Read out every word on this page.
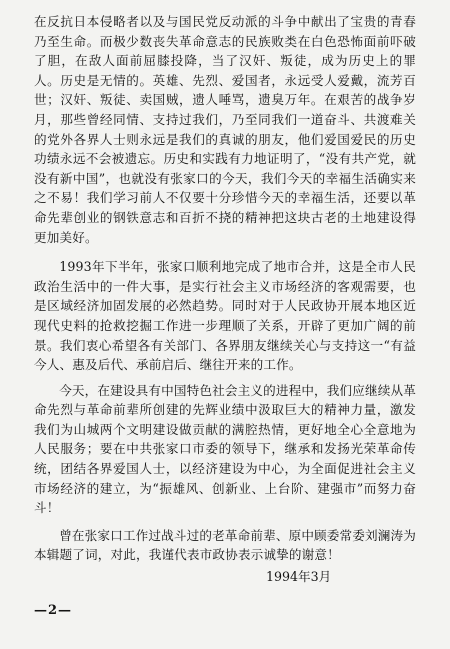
在反抗日本侵略者以及与国民党反动派的斗争中献出了宝贵的青春乃至生命。而极少数丧失革命意志的民族败类在白色恐怖面前吓破了胆，在敌人面前屈膝投降，当了汉奸、叛徒，成为历史上的罪人。历史是无情的。英雄、先烈、爱国者，永远受人爱戴，流芳百世；汉奸、叛徒、卖国贼，遗人唾骂，遗臭万年。在艰苦的战争岁月，那些曾经同情、支持过我们，乃至同我们一道奋斗、共渡难关的党外各界人士则永远是我们的真诚的朋友，他们爱国爱民的历史功绩永远不会被遗忘。历史和实践有力地证明了，“没有共产党，就没有新中国”，也就没有张家口的今天，我们今天的幸福生活确实来之不易！我们学习前人不仅要十分珍惜今天的幸福生活，还要以革命先辈创业的钢铁意志和百折不挠的精神把这块古老的土地建设得更加美好。

1993年下半年，张家口顺利地完成了地市合并，这是全市人民政治生活中的一件大事，是实行社会主义市场经济的客观需要，也是区域经济加固发展的必然趋势。同时对于人民政协开展本地区近现代史料的抢救挖掘工作进一步理顺了关系，开辟了更加广阔的前景。我们衷心希望各有关部门、各界朋友继续关心与支持这一“有益今人、惠及后代、承前启后、继往开来的工作。

今天，在建设具有中国特色社会主义的进程中，我们应继续从革命先烈与革命前辈所创建的先辉业绩中汲取巨大的精神力量，激发我们为山城两个文明建设做贡献的满腔热情，更好地全心全意地为人民服务；要在中共张家口市委的领导下，继承和发扬光荣革命传统，团结各界爱国人士，以经济建设为中心，为全面促进社会主义市场经济的建立，为“振雄风、创新业、上台阶、建强市”而努力奋斗！

曾在张家口工作过战斗过的老革命前辈、原中顾委常委刘澜涛为本辑题了词，对此，我谨代表市政协表示诚挚的谢意！

1994年3月

—2—
